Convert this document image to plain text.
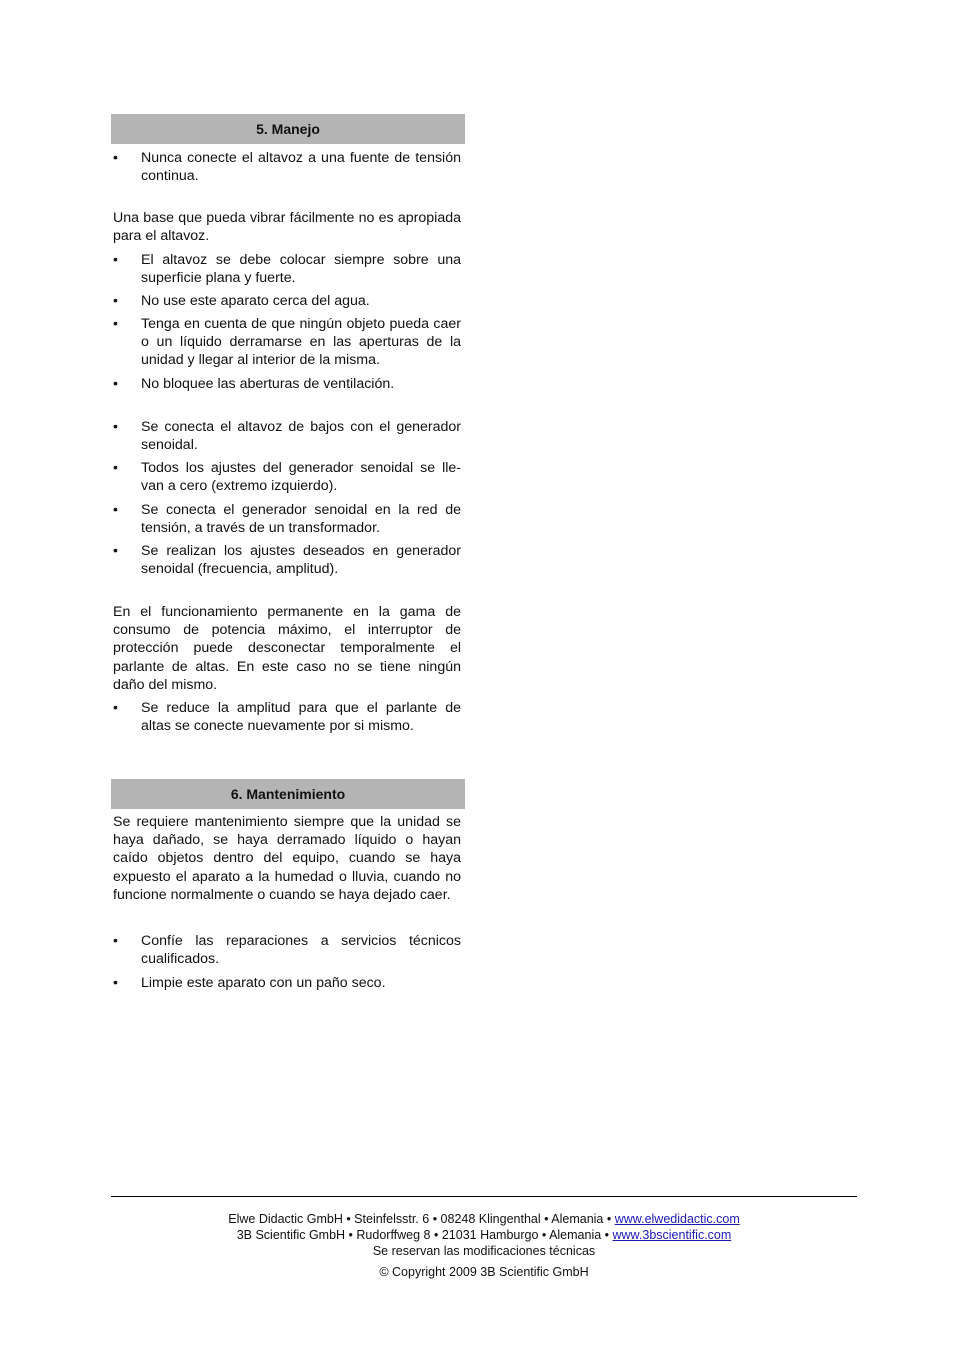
5. Manejo
•	Nunca conecte el altavoz a una fuente de tensión continua.
Una base que pueda vibrar fácilmente no es apropiada para el altavoz.
•	El altavoz se debe colocar siempre sobre una superficie plana y fuerte.
•	No use este aparato cerca del agua.
•	Tenga en cuenta de que ningún objeto pueda caer o un líquido derramarse en las aperturas de la unidad y llegar al interior de la misma.
•	No bloquee las aberturas de ventilación.
•	Se conecta el altavoz de bajos con el generador senoidal.
•	Todos los ajustes del generador senoidal se lle-van a cero (extremo izquierdo).
•	Se conecta el generador senoidal en la red de tensión, a través de un transformador.
•	Se realizan los ajustes deseados en generador senoidal (frecuencia, amplitud).
En el funcionamiento permanente en la gama de consumo de potencia máximo, el interruptor de protección puede desconectar temporalmente el parlante de altas. En este caso no se tiene ningún daño del mismo.
•	Se reduce la amplitud para que el parlante de altas se conecte nuevamente por si mismo.
6. Mantenimiento
Se requiere mantenimiento siempre que la unidad se haya dañado, se haya derramado líquido o hayan caído objetos dentro del equipo, cuando se haya expuesto el aparato a la humedad o lluvia, cuando no funcione normalmente o cuando se haya dejado caer.
•	Confíe las reparaciones a servicios técnicos cualificados.
•	Limpie este aparato con un paño seco.
Elwe Didactic GmbH • Steinfelsstr. 6 • 08248 Klingenthal • Alemania • www.elwedidactic.com
3B Scientific GmbH • Rudorffweg 8 • 21031 Hamburgo • Alemania • www.3bscientific.com
Se reservan las modificaciones técnicas
© Copyright 2009 3B Scientific GmbH
